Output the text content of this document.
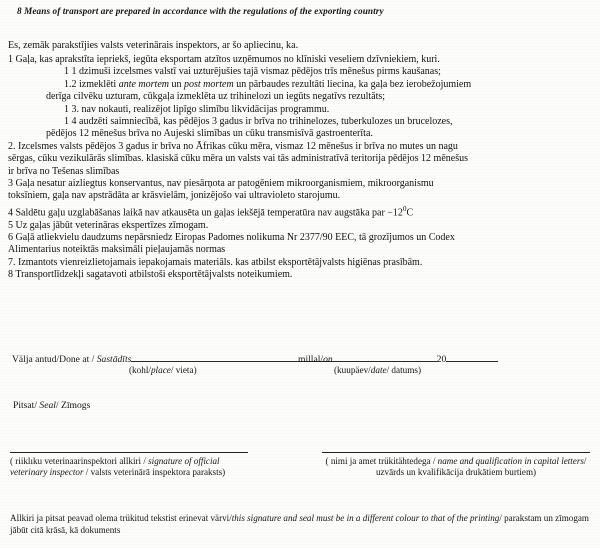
8 Means of transport are prepared in accordance with the regulations of the exporting country
Es, zemāk parakstījies valsts veterinārais inspektors, ar šo apliecinu, ka.

1 Gaļa, kas aprakstīta iepriekš, iegūta eksportam atzītos uzņēmumos no klīniski veseliem dzīvniekiem, kuri.

1 1 dzimuši izcelsmes valstī vai uzturējušies tajā vismaz pēdējos trīs mēnešus pirms kaušanas;

1.2 izmeklēti ante mortem un post mortem un pārbaudes rezultāti liecina, ka gaļa bez ierobežojumiem

derīga cilvēku uzturam, cūkgaļa izmeklēta uz trihinelozi un iegūts negatīvs rezultāts;

1 3. nav nokauti, realizējot lipīgo slimību likvidācijas programmu.

1 4 audzēti saimniecībā, kas pēdējos 3 gadus ir brīva no trihinelozes, tuberkulozes un brucelozes,

pēdējos 12 mēnešus brīva no Aujeski slimības un cūku transmisīvā gastroenterīta.

2. Izcelsmes valsts pēdējos 3 gadus ir brīva no Āfrikas cūku mēra, vismaz 12 mēnešus ir brīva no mutes un nagu

sērgas, cūku vezikulārās slimības. klasiskā cūku mēra un valsts vai tās administratīvā teritorija pēdējos 12 mēnešus

ir brīva no Tešenas slimības

3 Gaļa nesatur aizliegtus konservantus, nav piesārņota ar patogēniem mikroorganismiem, mikroorganismu

toksīniem, gaļa nav apstrādāta ar krāsvielām, jonizējošo vai ultravioleto starojumu.

4 Saldētu gaļu uzglabāšanas laikā nav atkausēta un gaļas iekšējā temperatūra nav augstāka par $-12^0C$

5 Uz gaļas jābūt veterināras ekspertīzes zīmogam.

6 Gaļā atliekvielu daudzums nepārsniedz Eiropas Padomes nolikuma Nr 2377/90 EEC, tā grozījumos un Codex

Alimentarius noteiktās maksimāli pieļaujamās normas

7. Izmantots vienreizlietojamais iepakojamais materiāls. kas atbilst eksportētājvalsts higiēnas prasībām.

8 Transportlīdzekļi sagatavoti atbilstoši eksportētājvalsts noteikumiem.

Välja antud/Done at / Sastādīts
(kohl/place/ vieta)
millal/on	20
(kuupäev/date/ datums)
Pitsat/ Seal/ Zīmogs
( riiklıku veterinaarinspektori allkiri / signature of official veterinary inspector / valsts veterinārā inspektora paraksts)
( nimi ja amet trükitähtedega / name and qualification in capital letters/ uzvārds un kvalifikācija drukātiem burtiem)
Allkiri ja pitsat peavad olema trükitud tekstist erinevat värvi/this signature and seal must be in a different colour to that of the printing/ parakstam un zīmogam jābūt citā krāsā, kā dokuments
